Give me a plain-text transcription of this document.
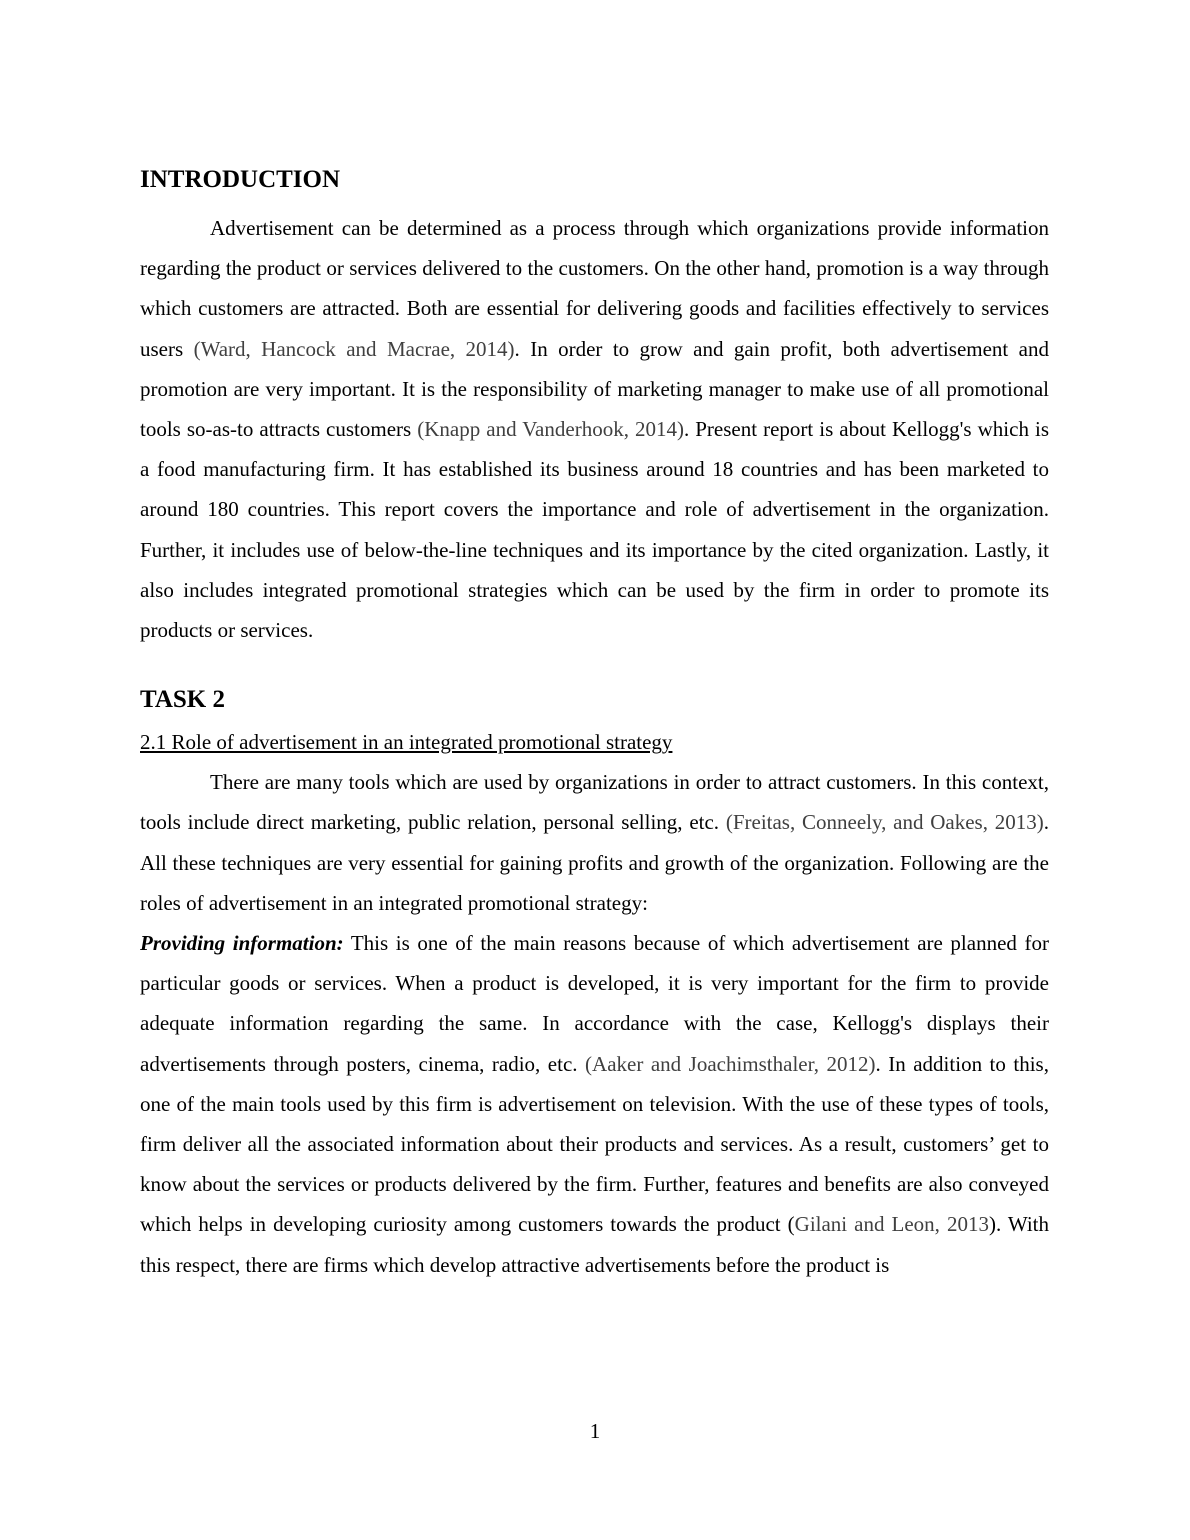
INTRODUCTION

Advertisement can be determined as a process through which organizations provide information regarding the product or services delivered to the customers. On the other hand, promotion is a way through which customers are attracted. Both are essential for delivering goods and facilities effectively to services users (Ward, Hancock and Macrae, 2014). In order to grow and gain profit, both advertisement and promotion are very important. It is the responsibility of marketing manager to make use of all promotional tools so-as-to attracts customers (Knapp and Vanderhook, 2014). Present report is about Kellogg's which is a food manufacturing firm. It has established its business around 18 countries and has been marketed to around 180 countries. This report covers the importance and role of advertisement in the organization. Further, it includes use of below-the-line techniques and its importance by the cited organization. Lastly, it also includes integrated promotional strategies which can be used by the firm in order to promote its products or services.

TASK 2

2.1 Role of advertisement in an integrated promotional strategy

There are many tools which are used by organizations in order to attract customers. In this context, tools include direct marketing, public relation, personal selling, etc. (Freitas, Conneely, and Oakes, 2013). All these techniques are very essential for gaining profits and growth of the organization. Following are the roles of advertisement in an integrated promotional strategy:

Providing information: This is one of the main reasons because of which advertisement are planned for particular goods or services. When a product is developed, it is very important for the firm to provide adequate information regarding the same. In accordance with the case, Kellogg's displays their advertisements through posters, cinema, radio, etc. (Aaker and Joachimsthaler, 2012). In addition to this, one of the main tools used by this firm is advertisement on television. With the use of these types of tools, firm deliver all the associated information about their products and services. As a result, customers’ get to know about the services or products delivered by the firm. Further, features and benefits are also conveyed which helps in developing curiosity among customers towards the product (Gilani and Leon, 2013). With this respect, there are firms which develop attractive advertisements before the product is

1
